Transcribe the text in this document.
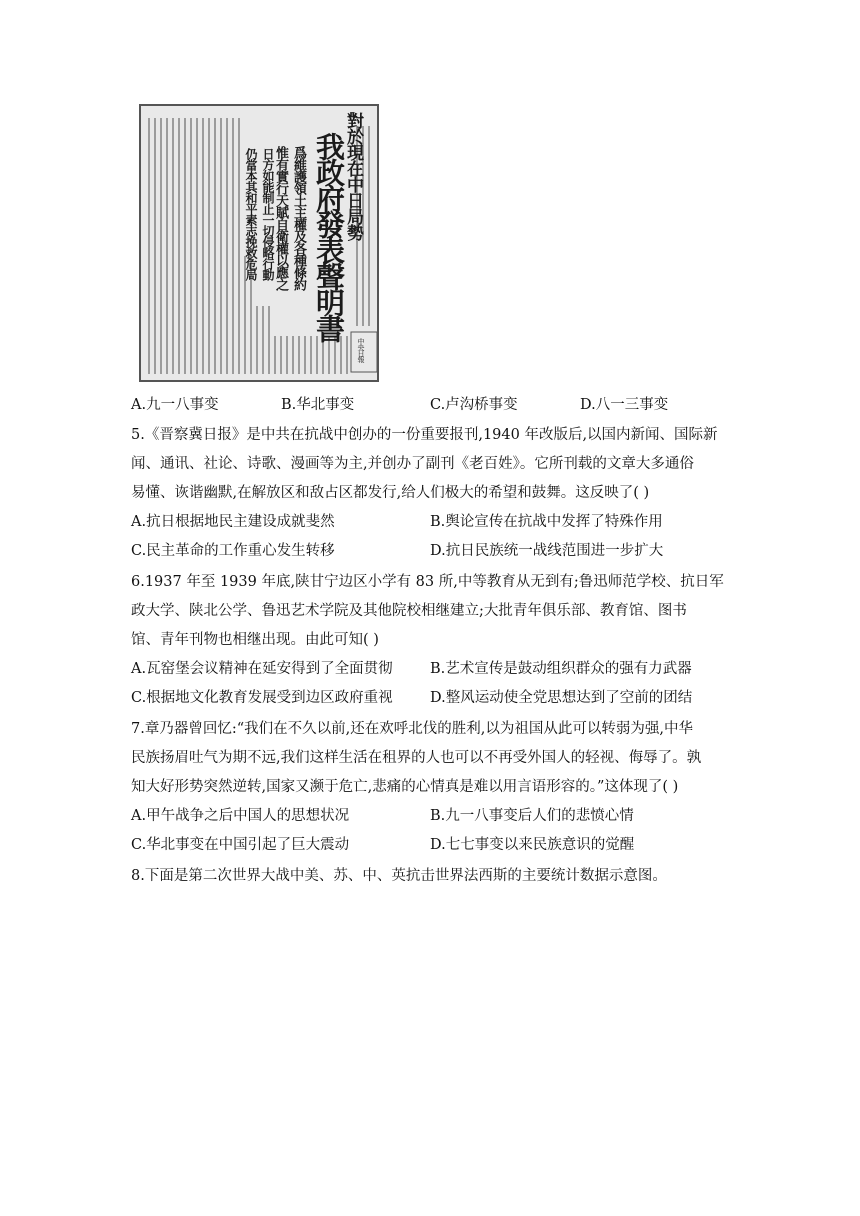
對於現在中日局勢
我政府發表聲明書
爲維護領土主權及各種條約
惟有實行天賦自衛權以應之
日方如能制止一切侵略行動
仍當本其和平素志挽救危局
中央日報
A.九一八事变	B.华北事变	C.卢沟桥事变	D.八一三事变
5.《晋察冀日报》是中共在抗战中创办的一份重要报刊,1940 年改版后,以国内新闻、国际新
闻、通讯、社论、诗歌、漫画等为主,并创办了副刊《老百姓》。它所刊载的文章大多通俗
易懂、诙谐幽默,在解放区和敌占区都发行,给人们极大的希望和鼓舞。这反映了( )
A.抗日根据地民主建设成就斐然	B.舆论宣传在抗战中发挥了特殊作用
C.民主革命的工作重心发生转移	D.抗日民族统一战线范围进一步扩大
6.1937 年至 1939 年底,陕甘宁边区小学有 83 所,中等教育从无到有;鲁迅师范学校、抗日军
政大学、陕北公学、鲁迅艺术学院及其他院校相继建立;大批青年俱乐部、教育馆、图书
馆、青年刊物也相继出现。由此可知( )
A.瓦窑堡会议精神在延安得到了全面贯彻	B.艺术宣传是鼓动组织群众的强有力武器
C.根据地文化教育发展受到边区政府重视	D.整风运动使全党思想达到了空前的团结
7.章乃器曾回忆:“我们在不久以前,还在欢呼北伐的胜利,以为祖国从此可以转弱为强,中华
民族扬眉吐气为期不远,我们这样生活在租界的人也可以不再受外国人的轻视、侮辱了。孰
知大好形势突然逆转,国家又濒于危亡,悲痛的心情真是难以用言语形容的。”这体现了( )
A.甲午战争之后中国人的思想状况	B.九一八事变后人们的悲愤心情
C.华北事变在中国引起了巨大震动	D.七七事变以来民族意识的觉醒
8.下面是第二次世界大战中美、苏、中、英抗击世界法西斯的主要统计数据示意图。
